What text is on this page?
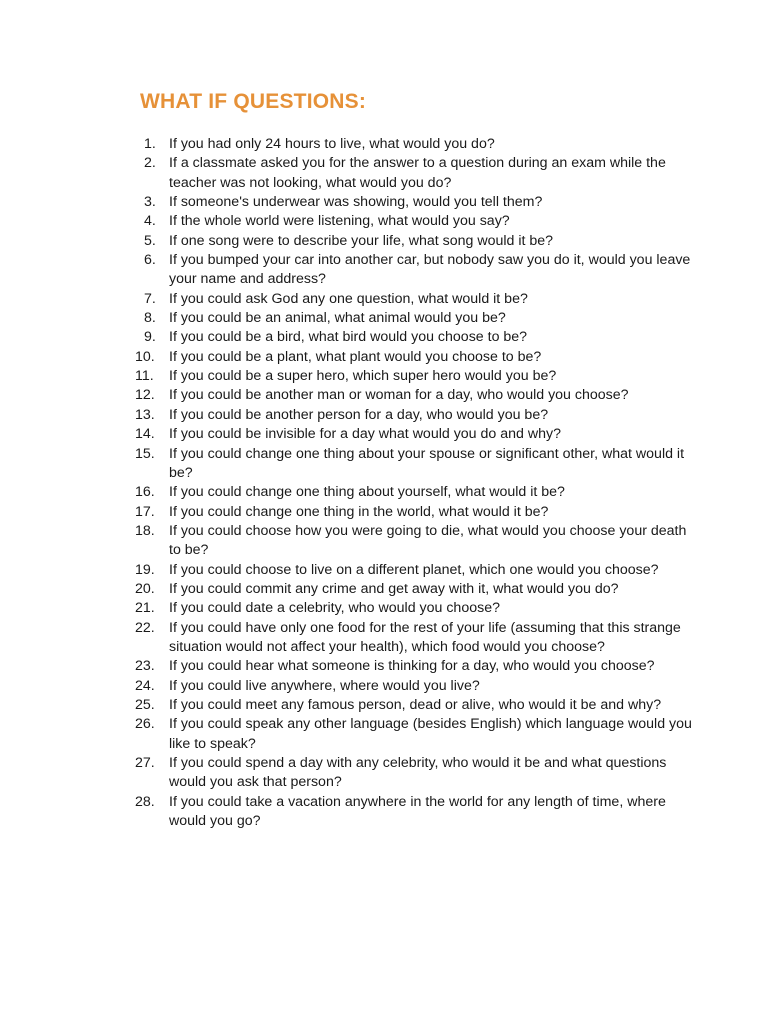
WHAT IF QUESTIONS:
1. If you had only 24 hours to live, what would you do?
2. If a classmate asked you for the answer to a question during an exam while the teacher was not looking, what would you do?
3. If someone's underwear was showing, would you tell them?
4. If the whole world were listening, what would you say?
5. If one song were to describe your life, what song would it be?
6. If you bumped your car into another car, but nobody saw you do it, would you leave your name and address?
7. If you could ask God any one question, what would it be?
8. If you could be an animal, what animal would you be?
9. If you could be a bird, what bird would you choose to be?
10.	If you could be a plant, what plant would you choose to be?
11.	If you could be a super hero, which super hero would you be?
12.	If you could be another man or woman for a day, who would you choose?
13.	If you could be another person for a day, who would you be?
14.	If you could be invisible for a day what would you do and why?
15.	If you could change one thing about your spouse or significant other, what would it be?
16.	If you could change one thing about yourself, what would it be?
17.	If you could change one thing in the world, what would it be?
18.	If you could choose how you were going to die, what would you choose your death to be?
19.	If you could choose to live on a different planet, which one would you choose?
20.	If you could commit any crime and get away with it, what would you do?
21.	If you could date a celebrity, who would you choose?
22.	If you could have only one food for the rest of your life (assuming that this strange situation would not affect your health), which food would you choose?
23.	If you could hear what someone is thinking for a day, who would you choose?
24.	If you could live anywhere, where would you live?
25.	If you could meet any famous person, dead or alive, who would it be and why?
26.	If you could speak any other language (besides English) which language would you like to speak?
27.	If you could spend a day with any celebrity, who would it be and what questions would you ask that person?
28.	If you could take a vacation anywhere in the world for any length of time, where would you go?
